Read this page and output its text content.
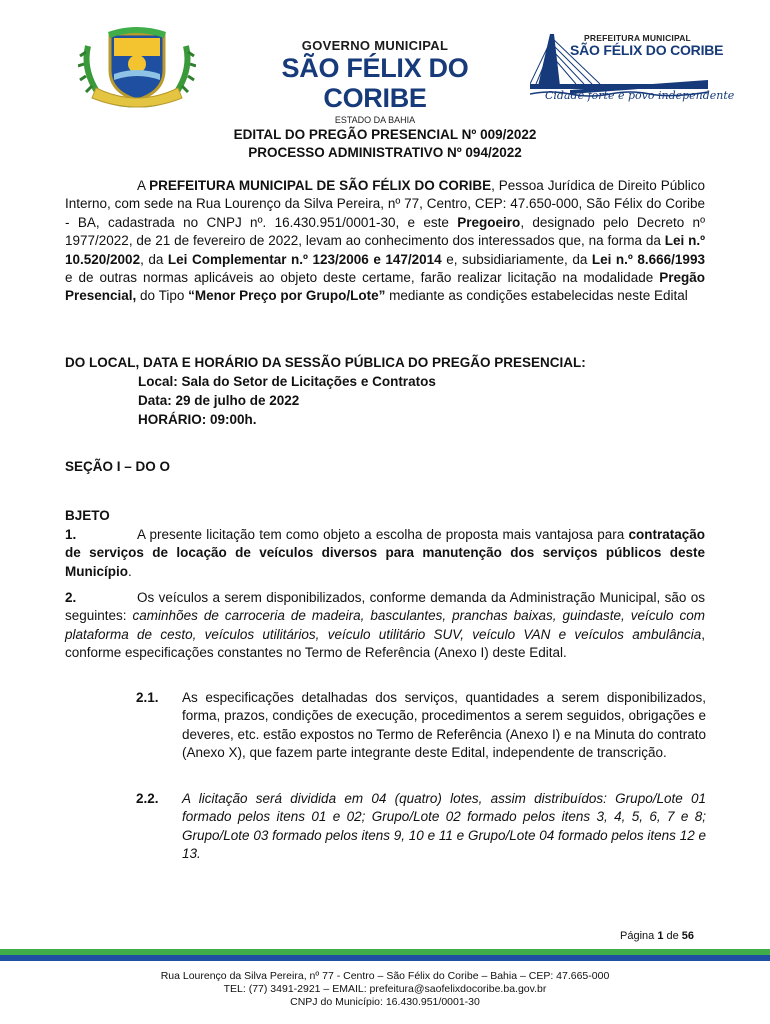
GOVERNO MUNICIPAL
SÃO FÉLIX DO CORIBE
ESTADO DA BAHIA
PREFEITURA MUNICIPAL
SÃO FÉLIX DO CORIBE
Cidade forte e povo independente
EDITAL DO PREGÃO PRESENCIAL Nº 009/2022
PROCESSO ADMINISTRATIVO Nº 094/2022
A PREFEITURA MUNICIPAL DE SÃO FÉLIX DO CORIBE, Pessoa Jurídica de Direito Público Interno, com sede na Rua Lourenço da Silva Pereira, nº 77, Centro, CEP: 47.650-000, São Félix do Coribe - BA, cadastrada no CNPJ nº. 16.430.951/0001-30, e este Pregoeiro, designado pelo Decreto nº 1977/2022, de 21 de fevereiro de 2022, levam ao conhecimento dos interessados que, na forma da Lei n.º 10.520/2002, da Lei Complementar n.º 123/2006 e 147/2014 e, subsidiariamente, da Lei n.º 8.666/1993 e de outras normas aplicáveis ao objeto deste certame, farão realizar licitação na modalidade Pregão Presencial, do Tipo “Menor Preço por Grupo/Lote” mediante as condições estabelecidas neste Edital
DO LOCAL, DATA E HORÁRIO DA SESSÃO PÚBLICA DO PREGÃO PRESENCIAL:
Local: Sala do Setor de Licitações e Contratos
Data: 29 de julho de 2022
HORÁRIO: 09:00h.
SEÇÃO I – DO O
BJETO
1.	A presente licitação tem como objeto a escolha de proposta mais vantajosa para contratação de serviços de locação de veículos diversos para manutenção dos serviços públicos deste Município.
2.	Os veículos a serem disponibilizados, conforme demanda da Administração Municipal, são os seguintes: caminhões de carroceria de madeira, basculantes, pranchas baixas, guindaste, veículo com plataforma de cesto, veículos utilitários, veículo utilitário SUV, veículo VAN e veículos ambulância, conforme especificações constantes no Termo de Referência (Anexo I) deste Edital.
2.1. As especificações detalhadas dos serviços, quantidades a serem disponibilizados, forma, prazos, condições de execução, procedimentos a serem seguidos, obrigações e deveres, etc. estão expostos no Termo de Referência (Anexo I) e na Minuta do contrato (Anexo X), que fazem parte integrante deste Edital, independente de transcrição.
2.2. A licitação será dividida em 04 (quatro) lotes, assim distribuídos: Grupo/Lote 01 formado pelos itens 01 e 02; Grupo/Lote 02 formado pelos itens 3, 4, 5, 6, 7 e 8; Grupo/Lote 03 formado pelos itens 9, 10 e 11 e Grupo/Lote 04 formado pelos itens 12 e 13.
Página 1 de 56
Rua Lourenço da Silva Pereira, nº 77 - Centro – São Félix do Coribe – Bahia – CEP: 47.665-000
TEL: (77) 3491-2921 – EMAIL: prefeitura@saofelixdocoribe.ba.gov.br
CNPJ do Município: 16.430.951/0001-30
